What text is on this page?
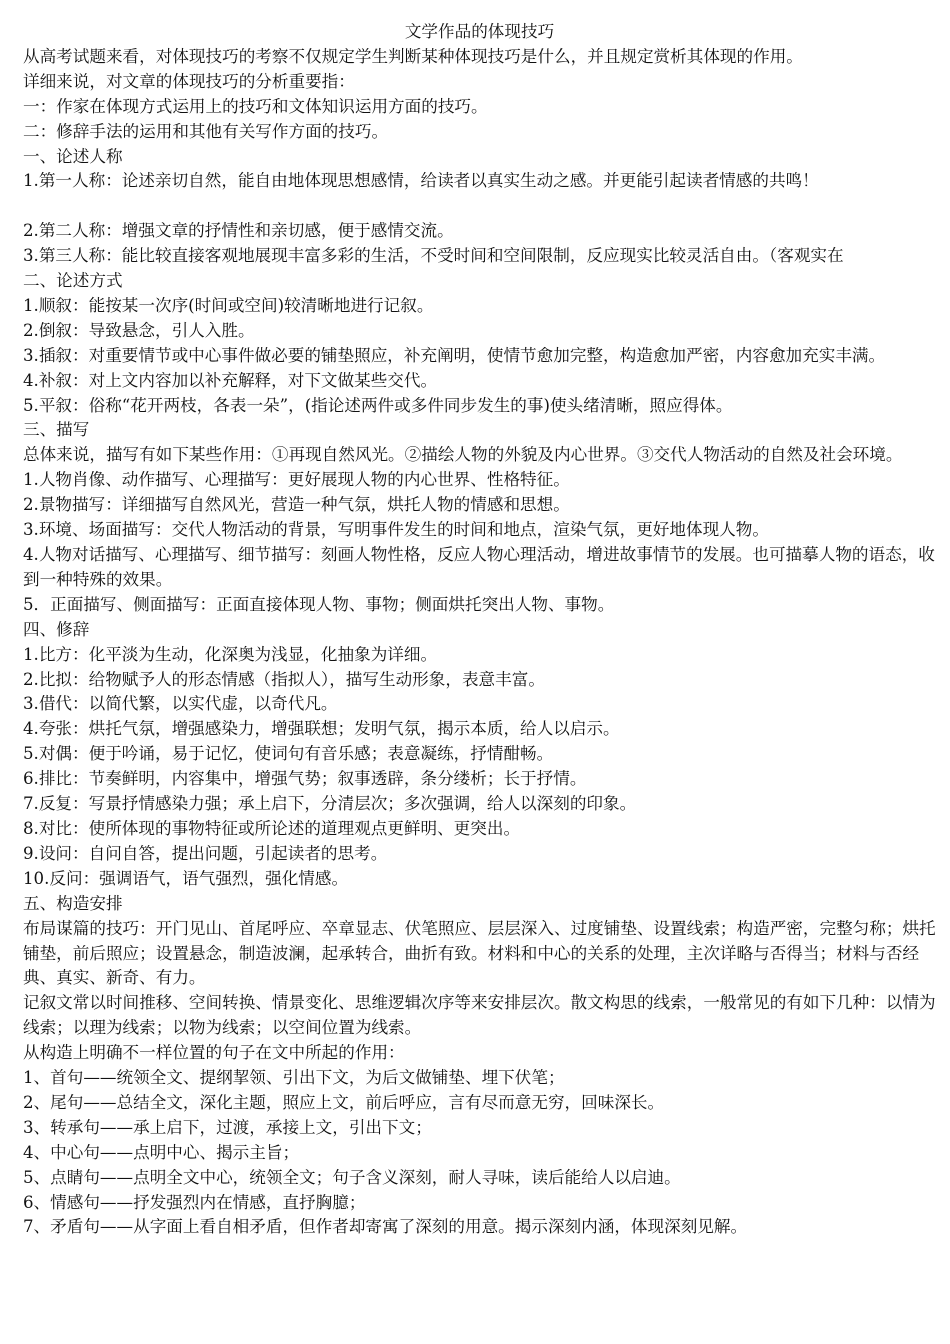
文学作品的体现技巧
从高考试题来看，对体现技巧的考察不仅规定学生判断某种体现技巧是什么，并且规定赏析其体现的作用。
详细来说，对文章的体现技巧的分析重要指：
一：作家在体现方式运用上的技巧和文体知识运用方面的技巧。
二：修辞手法的运用和其他有关写作方面的技巧。
一、论述人称
1.第一人称：论述亲切自然，能自由地体现思想感情，给读者以真实生动之感。并更能引起读者情感的共鸣！
2.第二人称：增强文章的抒情性和亲切感，便于感情交流。
3.第三人称：能比较直接客观地展现丰富多彩的生活，不受时间和空间限制，反应现实比较灵活自由。（客观实在
二、论述方式
1.顺叙：能按某一次序(时间或空间)较清晰地进行记叙。
2.倒叙：导致悬念，引人入胜。
3.插叙：对重要情节或中心事件做必要的铺垫照应，补充阐明，使情节愈加完整，构造愈加严密，内容愈加充实丰满。
4.补叙：对上文内容加以补充解释，对下文做某些交代。
5.平叙：俗称“花开两枝，各表一朵”，(指论述两件或多件同步发生的事)使头绪清晰，照应得体。
三、描写
总体来说，描写有如下某些作用：①再现自然风光。②描绘人物的外貌及内心世界。③交代人物活动的自然及社会环境。
1.人物肖像、动作描写、心理描写：更好展现人物的内心世界、性格特征。
2.景物描写：详细描写自然风光，营造一种气氛，烘托人物的情感和思想。
3.环境、场面描写：交代人物活动的背景，写明事件发生的时间和地点，渲染气氛，更好地体现人物。
4.人物对话描写、心理描写、细节描写：刻画人物性格，反应人物心理活动，增进故事情节的发展。也可描摹人物的语态，收到一种特殊的效果。
5．正面描写、侧面描写：正面直接体现人物、事物；侧面烘托突出人物、事物。
四、修辞
1.比方：化平淡为生动，化深奥为浅显，化抽象为详细。
2.比拟：给物赋予人的形态情感（指拟人），描写生动形象，表意丰富。
3.借代：以简代繁，以实代虚，以奇代凡。
4.夸张：烘托气氛，增强感染力，增强联想；发明气氛，揭示本质，给人以启示。
5.对偶：便于吟诵，易于记忆，使词句有音乐感；表意凝练，抒情酣畅。
6.排比：节奏鲜明，内容集中，增强气势；叙事透辟，条分缕析；长于抒情。
7.反复：写景抒情感染力强；承上启下，分清层次；多次强调，给人以深刻的印象。
8.对比：使所体现的事物特征或所论述的道理观点更鲜明、更突出。
9.设问：自问自答，提出问题，引起读者的思考。
10.反问：强调语气，语气强烈，强化情感。
五、构造安排
布局谋篇的技巧：开门见山、首尾呼应、卒章显志、伏笔照应、层层深入、过度铺垫、设置线索；构造严密，完整匀称；烘托铺垫，前后照应；设置悬念，制造波澜，起承转合，曲折有致。材料和中心的关系的处理，主次详略与否得当；材料与否经典、真实、新奇、有力。
记叙文常以时间推移、空间转换、情景变化、思维逻辑次序等来安排层次。散文构思的线索，一般常见的有如下几种：以情为线索；以理为线索；以物为线索；以空间位置为线索。
从构造上明确不一样位置的句子在文中所起的作用：
1、首句——统领全文、提纲挈领、引出下文，为后文做铺垫、埋下伏笔；
2、尾句——总结全文，深化主题，照应上文，前后呼应，言有尽而意无穷，回味深长。
3、转承句——承上启下，过渡，承接上文，引出下文；
4、中心句——点明中心、揭示主旨；
5、点睛句——点明全文中心，统领全文；句子含义深刻，耐人寻味，读后能给人以启迪。
6、情感句——抒发强烈内在情感，直抒胸臆；
7、矛盾句——从字面上看自相矛盾，但作者却寄寓了深刻的用意。揭示深刻内涵，体现深刻见解。
